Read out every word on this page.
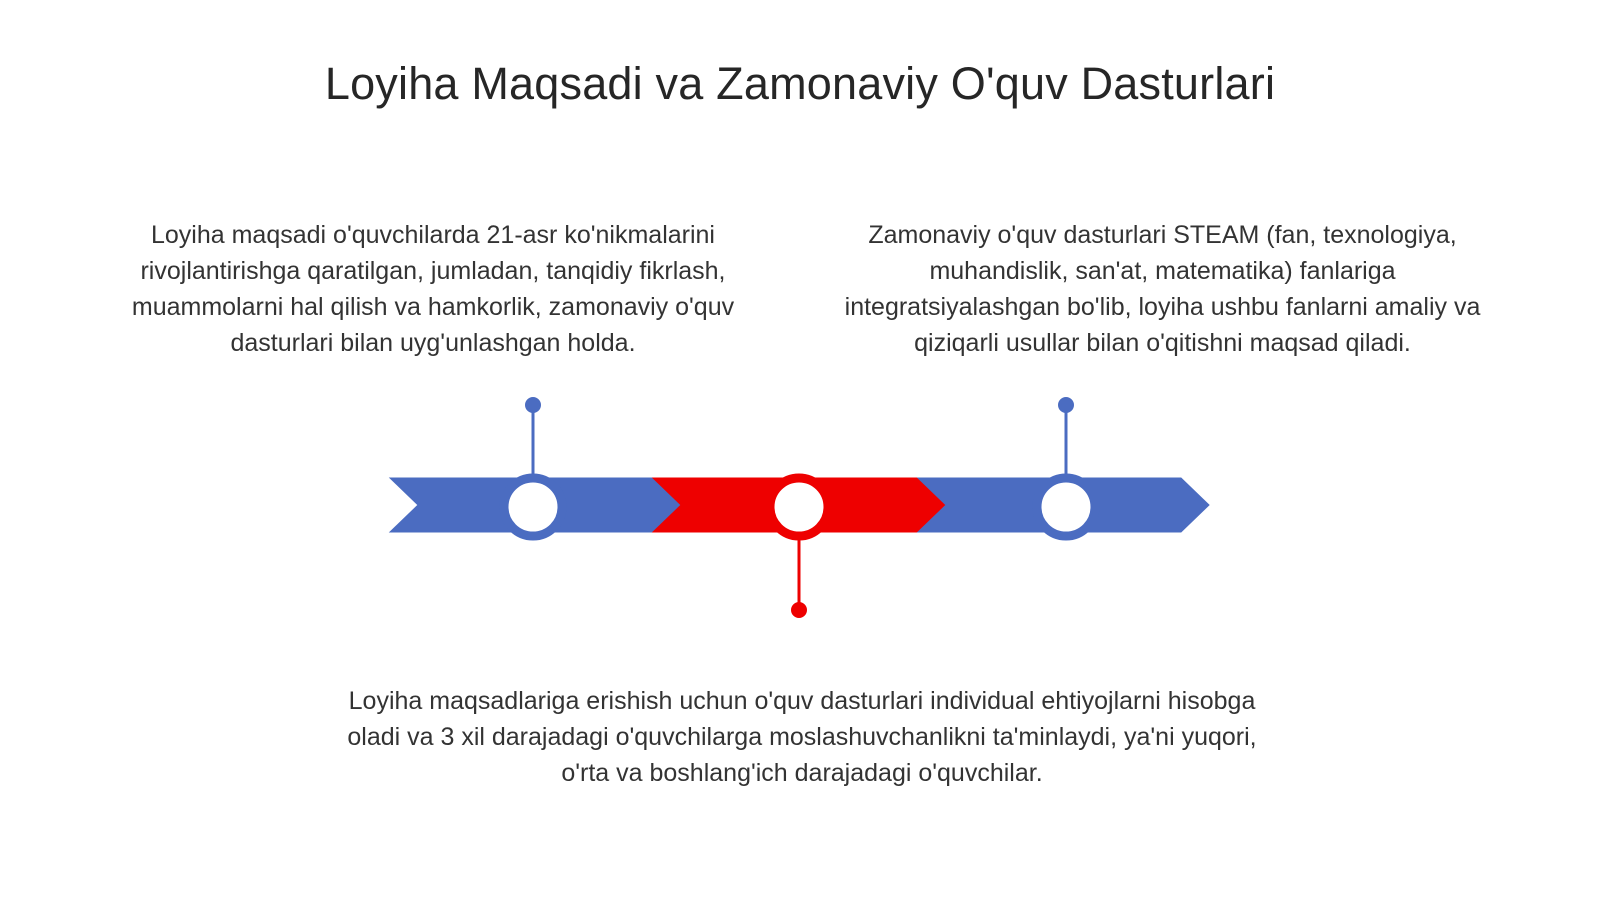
Loyiha Maqsadi va Zamonaviy O'quv Dasturlari
Loyiha maqsadi o'quvchilarda 21-asr ko'nikmalarini rivojlantirishga qaratilgan, jumladan, tanqidiy fikrlash, muammolarni hal qilish va hamkorlik, zamonaviy o'quv dasturlari bilan uyg'unlashgan holda.
Zamonaviy o'quv dasturlari STEAM (fan, texnologiya, muhandislik, san'at, matematika) fanlariga integratsiyalashgan bo'lib, loyiha ushbu fanlarni amaliy va qiziqarli usullar bilan o'qitishni maqsad qiladi.
Loyiha maqsadlariga erishish uchun o'quv dasturlari individual ehtiyojlarni hisobga oladi va 3 xil darajadagi o'quvchilarga moslashuvchanlikni ta'minlaydi, ya'ni yuqori, o'rta va boshlang'ich darajadagi o'quvchilar.
